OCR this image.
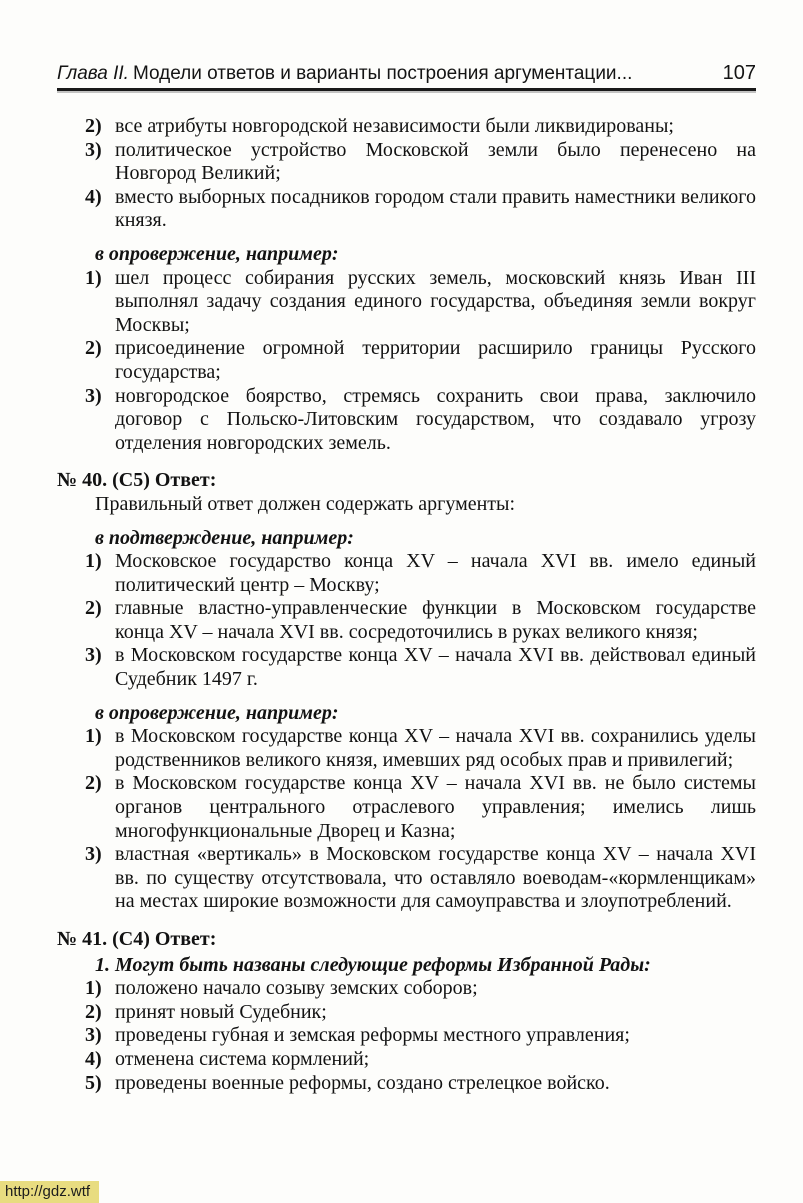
Глава II. Модели ответов и варианты построения аргументации...	107
2) все атрибуты новгородской независимости были ликвидированы;
3) политическое устройство Московской земли было перенесено на Новгород Великий;
4) вместо выборных посадников городом стали править наместники великого князя.
в опровержение, например:
1) шел процесс собирания русских земель, московский князь Иван III выполнял задачу создания единого государства, объединяя земли вокруг Москвы;
2) присоединение огромной территории расширило границы Русского государства;
3) новгородское боярство, стремясь сохранить свои права, заключило договор с Польско-Литовским государством, что создавало угрозу отделения новгородских земель.
№ 40. (С5) Ответ:
Правильный ответ должен содержать аргументы:
в подтверждение, например:
1) Московское государство конца XV – начала XVI вв. имело единый политический центр – Москву;
2) главные властно-управленческие функции в Московском государстве конца XV – начала XVI вв. сосредоточились в руках великого князя;
3) в Московском государстве конца XV – начала XVI вв. действовал единый Судебник 1497 г.
в опровержение, например:
1) в Московском государстве конца XV – начала XVI вв. сохранились уделы родственников великого князя, имевших ряд особых прав и привилегий;
2) в Московском государстве конца XV – начала XVI вв. не было системы органов центрального отраслевого управления; имелись лишь многофункциональные Дворец и Казна;
3) властная «вертикаль» в Московском государстве конца XV – начала XVI вв. по существу отсутствовала, что оставляло воеводам-«кормленщикам» на местах широкие возможности для самоуправства и злоупотреблений.
№ 41. (С4) Ответ:
1. Могут быть названы следующие реформы Избранной Рады:
1) положено начало созыву земских соборов;
2) принят новый Судебник;
3) проведены губная и земская реформы местного управления;
4) отменена система кормлений;
5) проведены военные реформы, создано стрелецкое войско.
http://gdz.wtf
